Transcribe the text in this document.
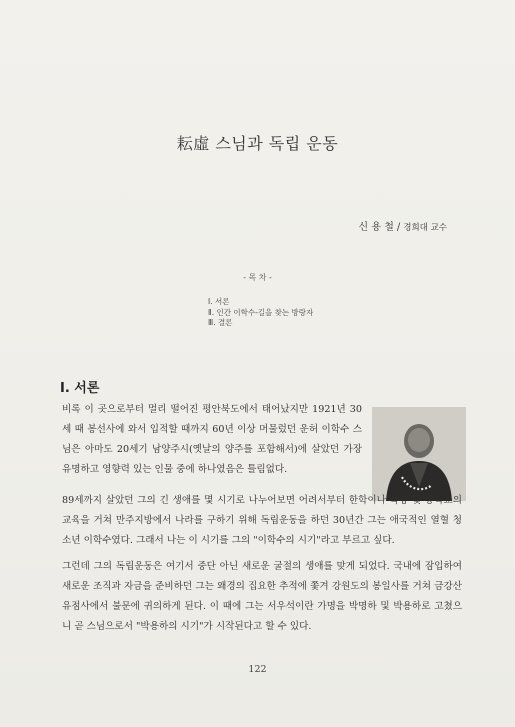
耘虛 스님과 독립 운동
신 용 철 / 경희대 교수
- 목 차 -
Ⅰ. 서론
Ⅱ. 인간 이학수-길을 찾는 방랑자
Ⅲ. 결론
Ⅰ. 서론

비록 이 곳으로부터 멀리 떨어진 평안북도에서 태어났지만 1921년 30세 때 봉선사에 와서 입적할 때까지 60년 이상 머물렀던 운허 이학수 스님은 아마도 20세기 남양주시(옛날의 양주를 포함해서)에 살았던 가장 유명하고 영향력 있는 인물 중에 하나였음은 틀림없다.

89세까지 살았던 그의 긴 생애를 몇 시기로 나누어보면 어려서부터 한학이나 측량 및 중학교의 교육을 거쳐 만주지방에서 나라를 구하기 위해 독립운동을 하던 30년간 그는 애국적인 열혈 청소년 이학수였다. 그래서 나는 이 시기를 그의 "이학수의 시기"라고 부르고 싶다.

그런데 그의 독립운동은 여기서 중단 아닌 새로운 굴절의 생애를 맞게 되었다. 국내에 잠입하여 새로운 조직과 자금을 준비하던 그는 왜경의 집요한 추적에 쫓겨 강원도의 봉일사를 거쳐 금강산 유점사에서 불문에 귀의하게 된다. 이 때에 그는 서우석이란 가명을 박명하 및 박용하로 고쳤으니 곧 스님으로서 "박용하의 시기"가 시작된다고 할 수 있다.

122
